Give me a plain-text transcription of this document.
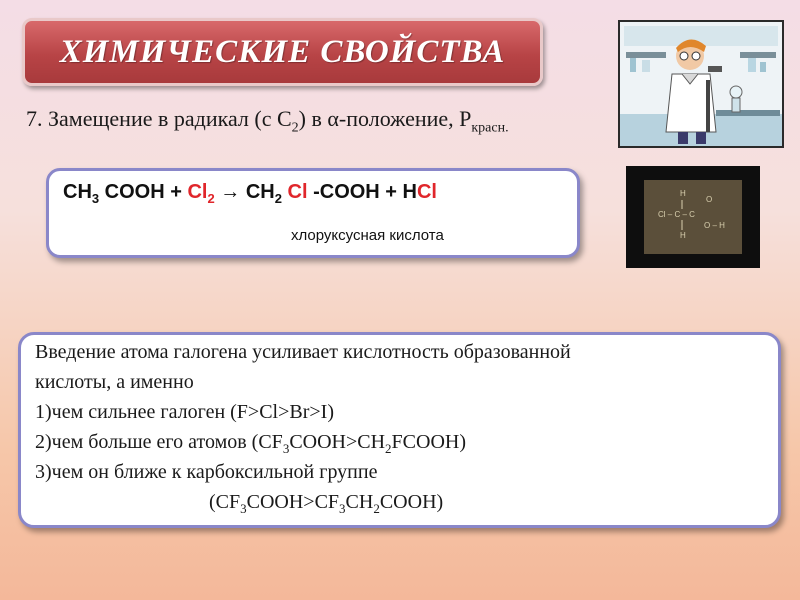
ХИМИЧЕСКИЕ СВОЙСТВА
7. Замещение в радикал (с $С_2$) в α-положение, $Р_{красн.}$
$CH_3$ COOH + $Cl_2 \to CH_2$ Cl -COOH + HCl
хлоруксусная кислота
H
O
Cl – C – C
O – H
H
Введение атома галогена усиливает кислотность образованной
кислоты, а именно
1)чем сильнее галоген (F>Cl>Br>I)
2)чем больше его атомов $(CF_3COOH>CH_2FCOOH)$
3)чем он ближе к карбоксильной группе
$(CF_3COOH>CF_3CH_2COOH)$
